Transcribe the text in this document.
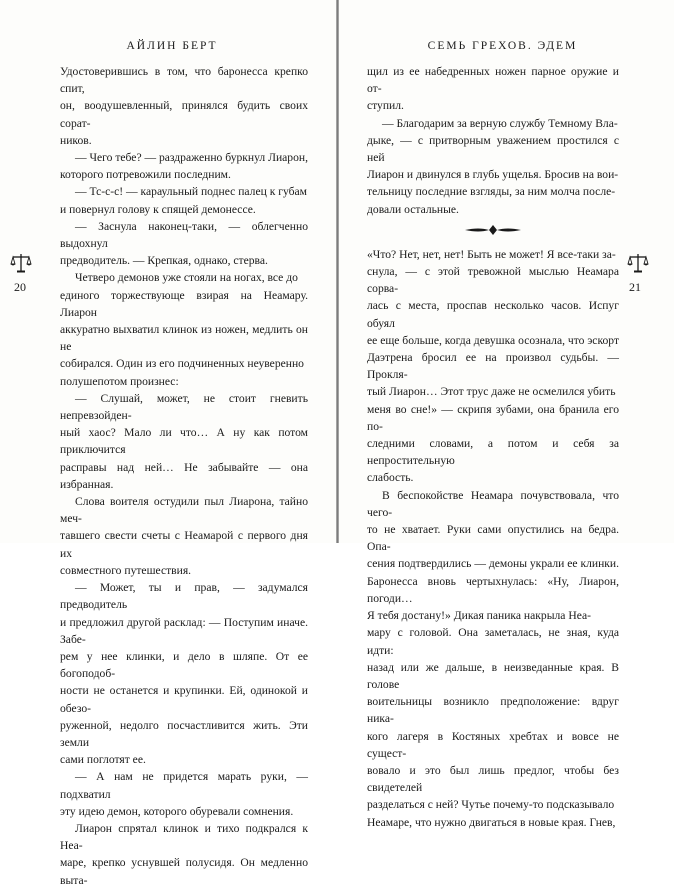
АЙЛИН БЕРТ

Удостоверившись в том, что баронесса крепко спит,
он, воодушевленный, принялся будить своих сорат-
ников.

— Чего тебе? — раздраженно буркнул Лиарон,
которого потревожили последним.

— Тс-с-с! — караульный поднес палец к губам
и повернул голову к спящей демонессе.

— Заснула наконец-таки, — облегченно выдохнул
предводитель. — Крепкая, однако, стерва.

Четверо демонов уже стояли на ногах, все до
единого торжествующе взирая на Неамару. Лиарон
аккуратно выхватил клинок из ножен, медлить он не
собирался. Один из его подчиненных неуверенно
полушепотом произнес:

— Слушай, может, не стоит гневить непревзойден-
ный хаос? Мало ли что… А ну как потом приключится
расправы над ней… Не забывайте — она избранная.

Слова воителя остудили пыл Лиарона, тайно меч-
тавшего свести счеты с Неамарой с первого дня их
совместного путешествия.

— Может, ты и прав, — задумался предводитель
и предложил другой расклад: — Поступим иначе. Забе-
рем у нее клинки, и дело в шляпе. От ее богоподоб-
ности не останется и крупинки. Ей, одинокой и обезо-
руженной, недолго посчастливится жить. Эти земли
сами поглотят ее.

— А нам не придется марать руки, — подхватил
эту идею демон, которого обуревали сомнения.

Лиарон спрятал клинок и тихо подкрался к Неа-
маре, крепко уснувшей полусидя. Он медленно выта-

20
СЕМЬ ГРЕХОВ. ЭДЕМ

щил из ее набедренных ножен парное оружие и от-
ступил.

— Благодарим за верную службу Темному Вла-
дыке, — с притворным уважением простился с ней
Лиарон и двинулся в глубь ущелья. Бросив на вои-
тельницу последние взгляды, за ним молча после-
довали остальные.

«Что? Нет, нет, нет! Быть не может! Я все-таки за-
снула, — с этой тревожной мыслью Неамара сорва-
лась с места, проспав несколько часов. Испуг обуял
ее еще больше, когда девушка осознала, что эскорт
Даэтрена бросил ее на произвол судьбы. — Прокля-
тый Лиарон… Этот трус даже не осмелился убить
меня во сне!» — скрипя зубами, она бранила его по-
следними словами, а потом и себя за непростительную
слабость.

В беспокойстве Неамара почувствовала, что чего-
то не хватает. Руки сами опустились на бедра. Опа-
сения подтвердились — демоны украли ее клинки.
Баронесса вновь чертыхнулась: «Ну, Лиарон, погоди…
Я тебя достану!» Дикая паника накрыла Неа-
мару с головой. Она заметалась, не зная, куда идти:
назад или же дальше, в неизведанные края. В голове
воительницы возникло предположение: вдруг ника-
кого лагеря в Костяных хребтах и вовсе не сущест-
вовало и это был лишь предлог, чтобы без свидетелей
разделаться с ней? Чутье почему-то подсказывало
Неамаре, что нужно двигаться в новые края. Гнев,

21
